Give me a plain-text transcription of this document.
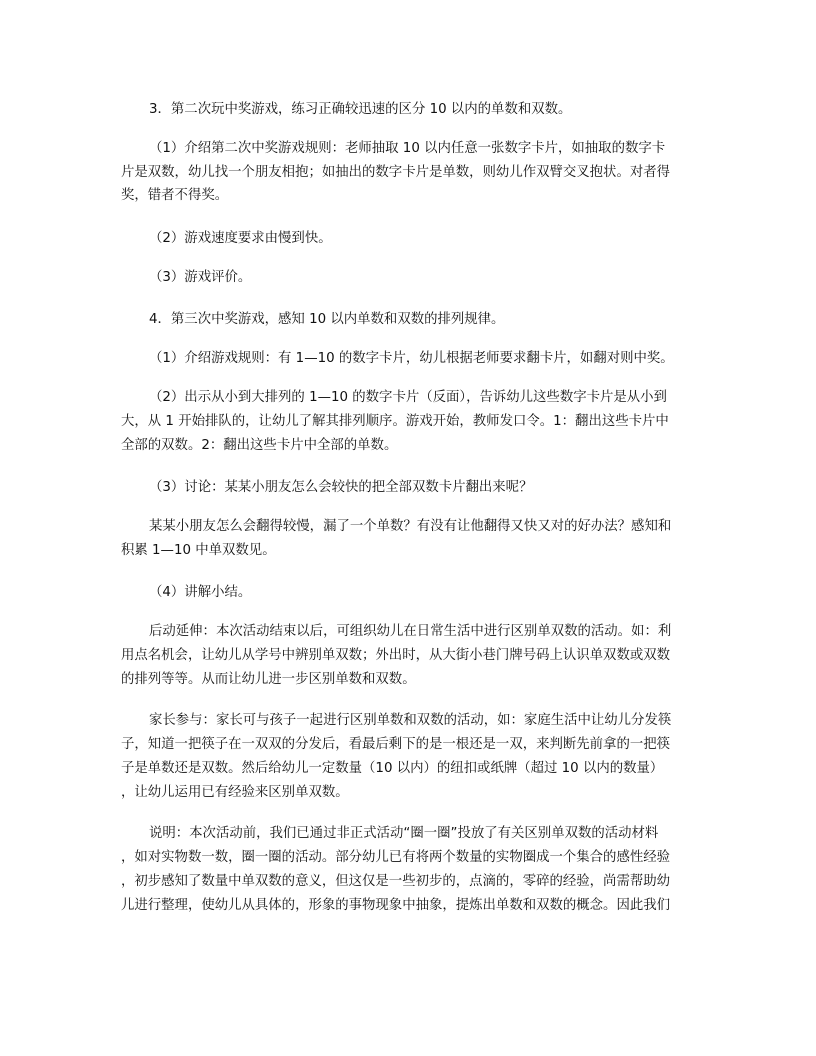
3．第二次玩中奖游戏，练习正确较迅速的区分 10 以内的单数和双数。
（1）介绍第二次中奖游戏规则：老师抽取 10 以内任意一张数字卡片，如抽取的数字卡
片是双数，幼儿找一个朋友相抱；如抽出的数字卡片是单数，则幼儿作双臂交叉抱状。对者得
奖，错者不得奖。
（2）游戏速度要求由慢到快。
（3）游戏评价。
4．第三次中奖游戏，感知 10 以内单数和双数的排列规律。
（1）介绍游戏规则：有 1—10 的数字卡片，幼儿根据老师要求翻卡片，如翻对则中奖。
（2）出示从小到大排列的 1—10 的数字卡片（反面），告诉幼儿这些数字卡片是从小到
大，从 1 开始排队的，让幼儿了解其排列顺序。游戏开始，教师发口令。1：翻出这些卡片中
全部的双数。2：翻出这些卡片中全部的单数。
（3）讨论：某某小朋友怎么会较快的把全部双数卡片翻出来呢？
某某小朋友怎么会翻得较慢，漏了一个单数？有没有让他翻得又快又对的好办法？感知和
积累 1—10 中单双数见。
（4）讲解小结。
后动延伸：本次活动结束以后，可组织幼儿在日常生活中进行区别单双数的活动。如：利
用点名机会，让幼儿从学号中辨别单双数；外出时，从大街小巷门牌号码上认识单双数或双数
的排列等等。从而让幼儿进一步区别单数和双数。
家长参与：家长可与孩子一起进行区别单数和双数的活动，如：家庭生活中让幼儿分发筷
子，知道一把筷子在一双双的分发后，看最后剩下的是一根还是一双，来判断先前拿的一把筷
子是单数还是双数。然后给幼儿一定数量（10 以内）的纽扣或纸牌（超过 10 以内的数量）
，让幼儿运用已有经验来区别单双数。
说明：本次活动前，我们已通过非正式活动“圈一圈”投放了有关区别单双数的活动材料
，如对实物数一数，圈一圈的活动。部分幼儿已有将两个数量的实物圈成一个集合的感性经验
，初步感知了数量中单双数的意义，但这仅是一些初步的，点滴的，零碎的经验，尚需帮助幼
儿进行整理，使幼儿从具体的，形象的事物现象中抽象，提炼出单数和双数的概念。因此我们
